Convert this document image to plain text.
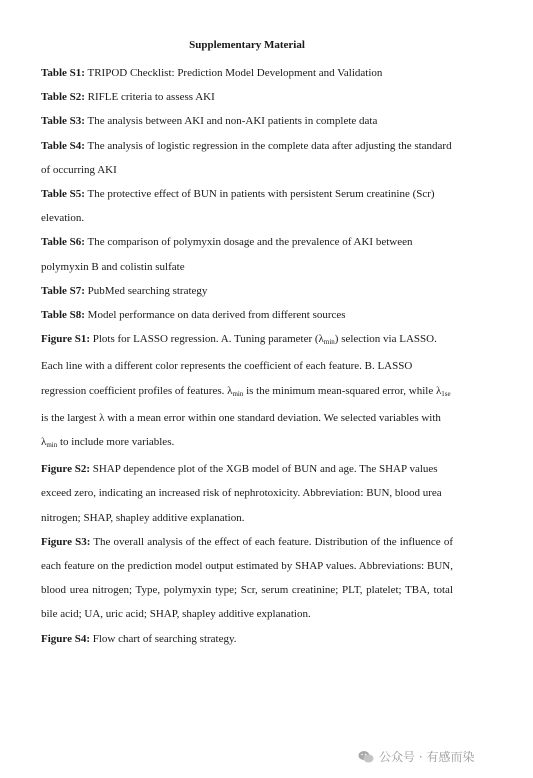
Supplementary Material

Table S1: TRIPOD Checklist: Prediction Model Development and Validation

Table S2: RIFLE criteria to assess AKI

Table S3: The analysis between AKI and non-AKI patients in complete data

Table S4: The analysis of logistic regression in the complete data after adjusting the standard of occurring AKI

Table S5: The protective effect of BUN in patients with persistent Serum creatinine (Scr) elevation.

Table S6: The comparison of polymyxin dosage and the prevalence of AKI between polymyxin B and colistin sulfate

Table S7: PubMed searching strategy

Table S8: Model performance on data derived from different sources

Figure S1: Plots for LASSO regression. A. Tuning parameter $(\lambda_{min})$ selection via LASSO. Each line with a different color represents the coefficient of each feature. B. LASSO regression coefficient profiles of features. $\lambda_{min}$ is the minimum mean-squared error, while $\lambda_{1se}$ is the largest λ with a mean error within one standard deviation. We selected variables with $\lambda_{min}$ to include more variables.

Figure S2: SHAP dependence plot of the XGB model of BUN and age. The SHAP values exceed zero, indicating an increased risk of nephrotoxicity. Abbreviation: BUN, blood urea nitrogen; SHAP, shapley additive explanation.

Figure S3: The overall analysis of the effect of each feature. Distribution of the influence of each feature on the prediction model output estimated by SHAP values. Abbreviations: BUN, blood urea nitrogen; Type, polymyxin type; Scr, serum creatinine; PLT, platelet; TBA, total bile acid; UA, uric acid; SHAP, shapley additive explanation.

Figure S4: Flow chart of searching strategy.

公众号 · 有感而染
